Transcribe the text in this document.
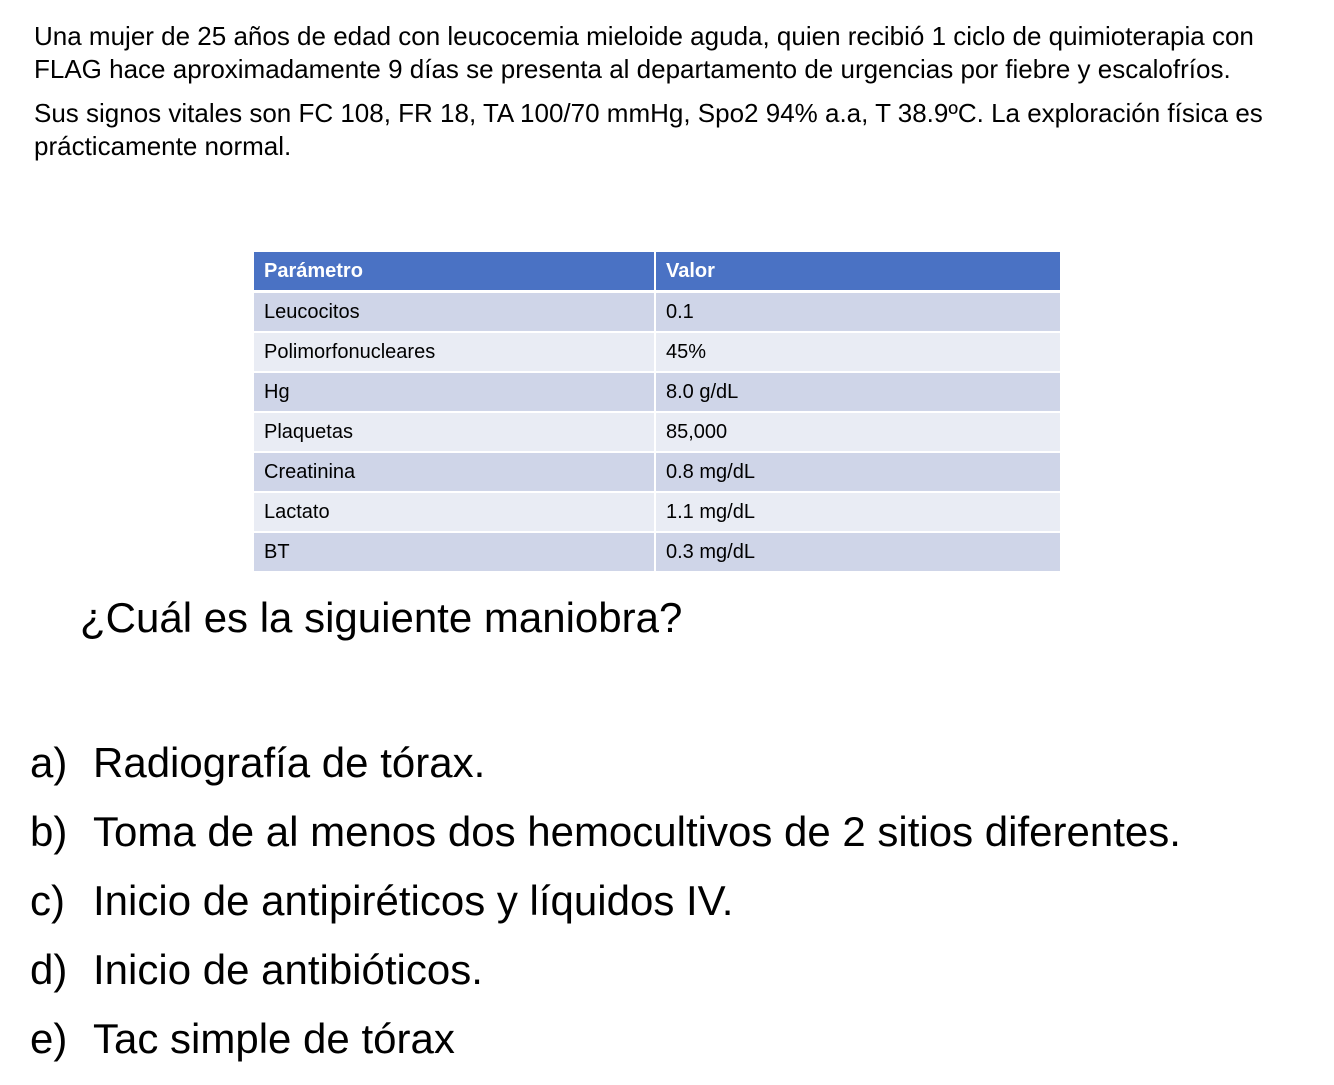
Una mujer de 25 años de edad con leucocemia mieloide aguda, quien recibió 1 ciclo de quimioterapia con FLAG hace aproximadamente 9 días se presenta al departamento de urgencias por fiebre y escalofríos.

Sus signos vitales son FC 108, FR 18, TA 100/70 mmHg, Spo2 94% a.a, T 38.9ºC. La exploración física es prácticamente normal.

Parámetro	Valor
Leucocitos	0.1
Polimorfonucleares	45%
Hg	8.0 g/dL
Plaquetas	85,000
Creatinina	0.8 mg/dL
Lactato	1.1 mg/dL
BT	0.3 mg/dL
¿Cuál es la siguiente maniobra?
a) Radiografía de tórax.
b) Toma de al menos dos hemocultivos de 2 sitios diferentes.
c) Inicio de antipiréticos y líquidos IV.
d) Inicio de antibióticos.
e) Tac simple de tórax
